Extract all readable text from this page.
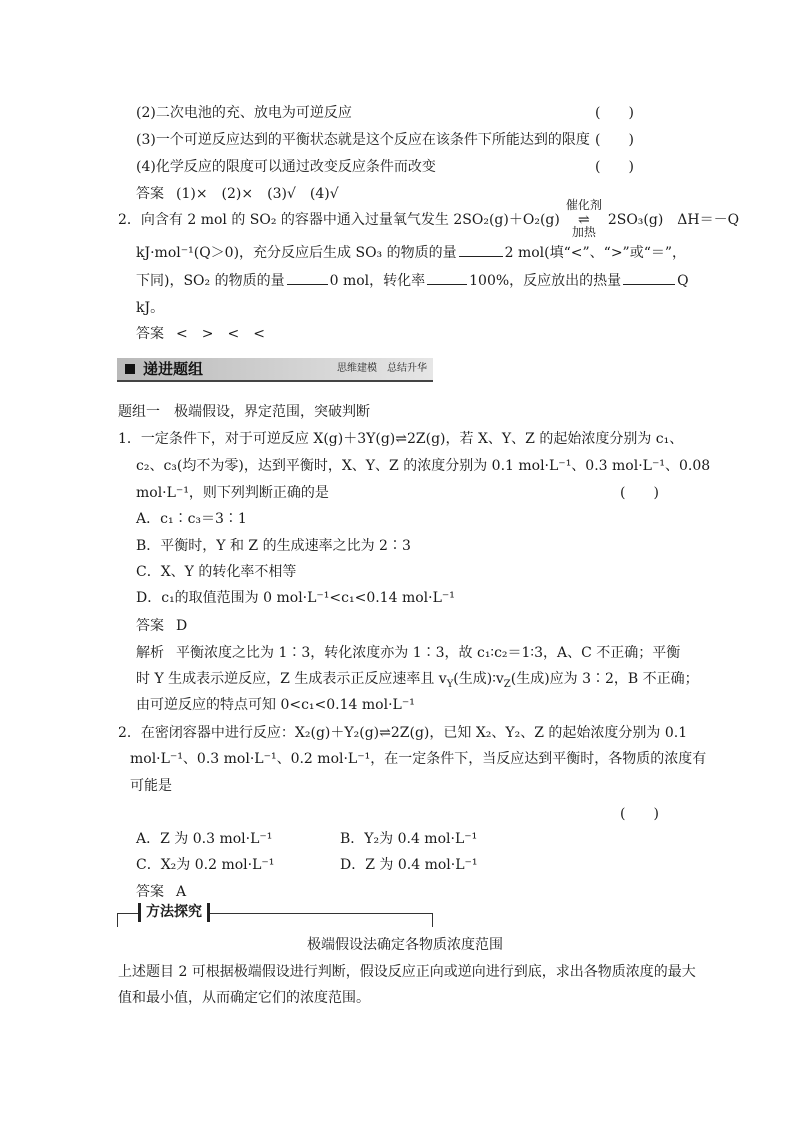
(2)二次电池的充、放电为可逆反应	(　　)
(3)一个可逆反应达到的平衡状态就是这个反应在该条件下所能达到的限度 (　　)
(4)化学反应的限度可以通过改变反应条件而改变	(　　)
答案 (1)×　(2)×　(3)√　(4)√
2．向含有 2 mol 的 SO₂ 的容器中通入过量氧气发生 2SO₂(g)＋O₂(g)
催化剂
⇌
加热
2SO₃(g)　ΔH＝－Q
kJ·mol⁻¹(Q＞0)，充分反应后生成 SO₃ 的物质的量	2 mol(填“<”、“>”或“＝”，
下同)，SO₂ 的物质的量	0 mol，转化率	100%，反应放出的热量	Q
kJ。
答案 <　>　<　<
递进题组	思维建模　总结升华
题组一　极端假设，界定范围，突破判断
1．一定条件下，对于可逆反应 X(g)＋3Y(g)⇌2Z(g)，若 X、Y、Z 的起始浓度分别为 c₁、
c₂、c₃(均不为零)，达到平衡时，X、Y、Z 的浓度分别为 0.1 mol·L⁻¹、0.3 mol·L⁻¹、0.08
mol·L⁻¹，则下列判断正确的是	(　　)
A．c₁∶c₃＝3∶1
B．平衡时，Y 和 Z 的生成速率之比为 2∶3
C．X、Y 的转化率不相等
D．c₁的取值范围为 0 mol·L⁻¹<c₁<0.14 mol·L⁻¹
答案 D
解析 平衡浓度之比为 1∶3，转化浓度亦为 1∶3，故 c₁∶c₂＝1∶3，A、C 不正确；平衡
时 Y 生成表示逆反应，Z 生成表示正反应速率且 $v_Y$(生成)$∶v_Z$(生成)应为 3∶2，B 不正确；
由可逆反应的特点可知 0<c₁<0.14 mol·L⁻¹
2．在密闭容器中进行反应：X₂(g)＋Y₂(g)⇌2Z(g)，已知 X₂、Y₂、Z 的起始浓度分别为 0.1
mol·L⁻¹、0.3 mol·L⁻¹、0.2 mol·L⁻¹，在一定条件下，当反应达到平衡时，各物质的浓度有
可能是
(　　)
A．Z 为 0.3 mol·L⁻¹	B．Y₂为 0.4 mol·L⁻¹
C．X₂为 0.2 mol·L⁻¹	D．Z 为 0.4 mol·L⁻¹
答案 A
方法探究
极端假设法确定各物质浓度范围
上述题目 2 可根据极端假设进行判断，假设反应正向或逆向进行到底，求出各物质浓度的最大
值和最小值，从而确定它们的浓度范围。
